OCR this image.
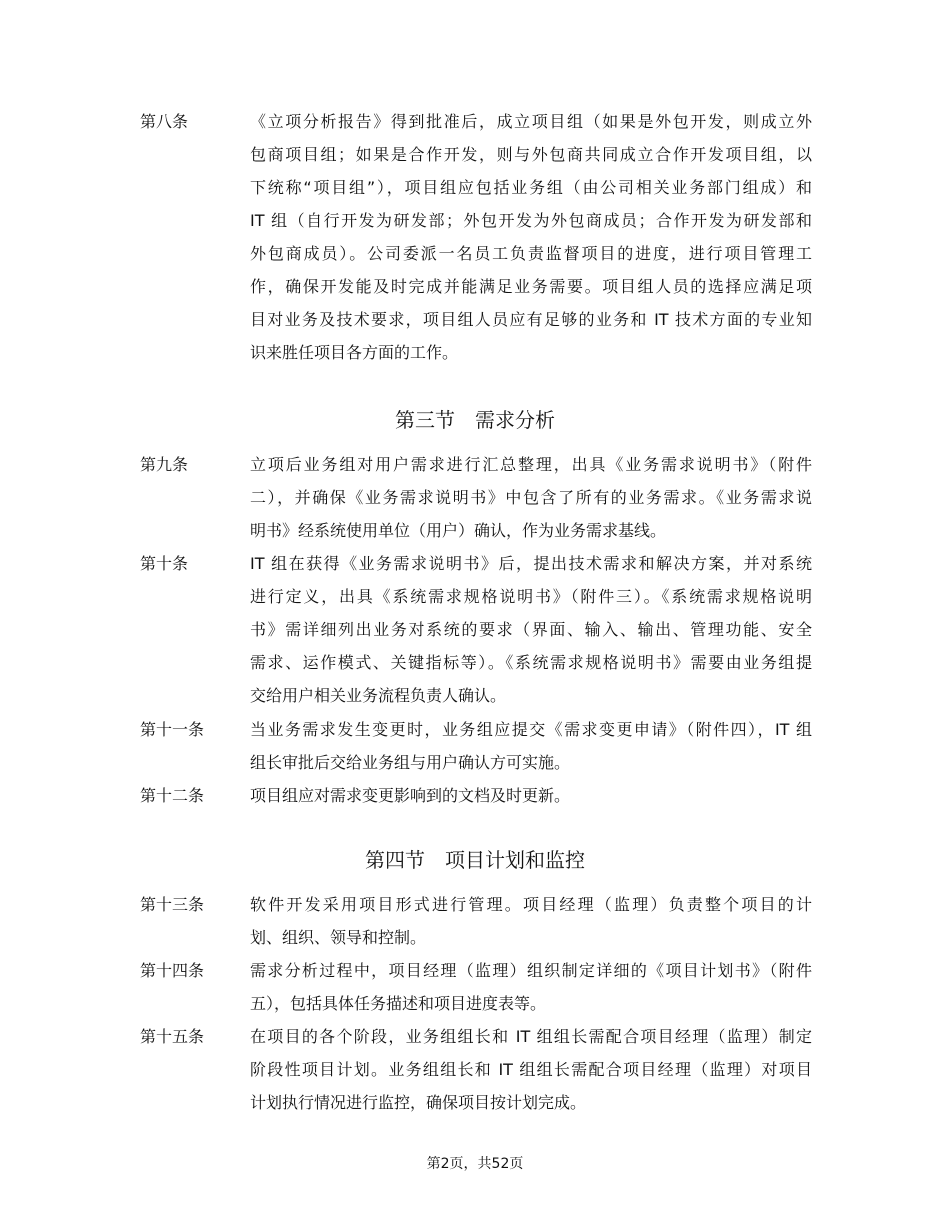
第八条	《立项分析报告》得到批准后，成立项目组（如果是外包开发，则成立外
包商项目组；如果是合作开发，则与外包商共同成立合作开发项目组，以
下统称“项目组”），项目组应包括业务组（由公司相关业务部门组成）和
IT 组（自行开发为研发部；外包开发为外包商成员；合作开发为研发部和
外包商成员）。公司委派一名员工负责监督项目的进度，进行项目管理工
作，确保开发能及时完成并能满足业务需要。项目组人员的选择应满足项
目对业务及技术要求，项目组人员应有足够的业务和 IT 技术方面的专业知
识来胜任项目各方面的工作。
第三节　需求分析
第九条	立项后业务组对用户需求进行汇总整理，出具《业务需求说明书》（附件
二），并确保《业务需求说明书》中包含了所有的业务需求。《业务需求说
明书》经系统使用单位（用户）确认，作为业务需求基线。
第十条	IT 组在获得《业务需求说明书》后，提出技术需求和解决方案，并对系统
进行定义，出具《系统需求规格说明书》（附件三）。《系统需求规格说明
书》需详细列出业务对系统的要求（界面、输入、输出、管理功能、安全
需求、运作模式、关键指标等）。《系统需求规格说明书》需要由业务组提
交给用户相关业务流程负责人确认。
第十一条	当业务需求发生变更时，业务组应提交《需求变更申请》（附件四），IT 组
组长审批后交给业务组与用户确认方可实施。
第十二条	项目组应对需求变更影响到的文档及时更新。
第四节　项目计划和监控
第十三条	软件开发采用项目形式进行管理。项目经理（监理）负责整个项目的计
划、组织、领导和控制。
第十四条	需求分析过程中，项目经理（监理）组织制定详细的《项目计划书》（附件
五），包括具体任务描述和项目进度表等。
第十五条	在项目的各个阶段，业务组组长和 IT 组组长需配合项目经理（监理）制定
阶段性项目计划。业务组组长和 IT 组组长需配合项目经理（监理）对项目
计划执行情况进行监控，确保项目按计划完成。
第2页，共52页
